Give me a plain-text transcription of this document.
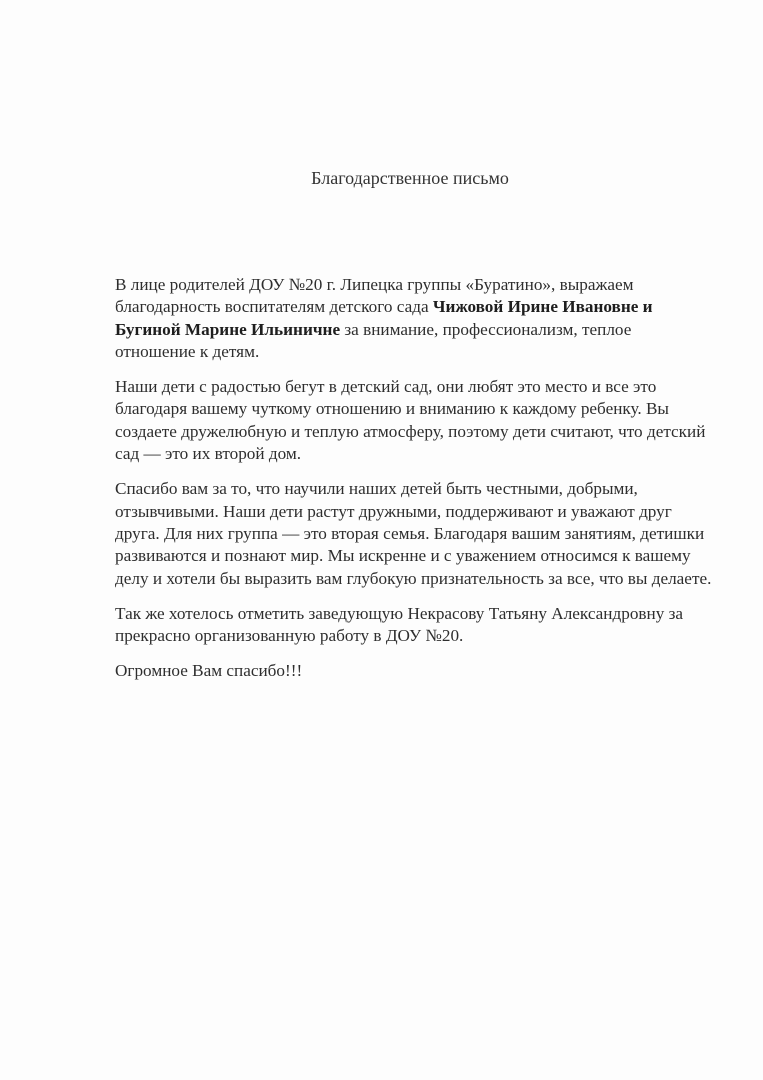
Благодарственное письмо

В лице родителей ДОУ №20 г. Липецка группы «Буратино», выражаем благодарность воспитателям детского сада Чижовой Ирине Ивановне и Бугиной Марине Ильиничне за внимание, профессионализм, теплое отношение к детям.

Наши дети с радостью бегут в детский сад, они любят это место и все это благодаря вашему чуткому отношению и вниманию к каждому ребенку. Вы создаете дружелюбную и теплую атмосферу, поэтому дети считают, что детский сад — это их второй дом.

Спасибо вам за то, что научили наших детей быть честными, добрыми, отзывчивыми. Наши дети растут дружными, поддерживают и уважают друг друга. Для них группа — это вторая семья. Благодаря вашим занятиям, детишки развиваются и познают мир. Мы искренне и с уважением относимся к вашему делу и хотели бы выразить вам глубокую признательность за все, что вы делаете.

Так же хотелось отметить заведующую Некрасову Татьяну Александровну за прекрасно организованную работу в ДОУ №20.

Огромное Вам спасибо!!!
